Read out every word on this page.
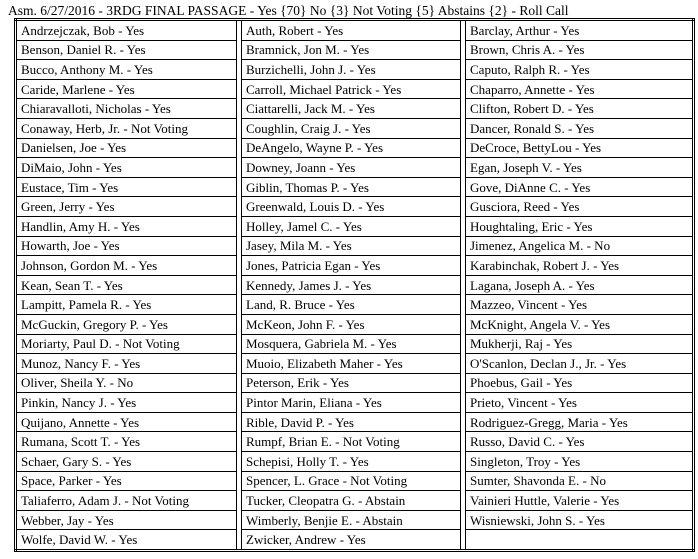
Asm. 6/27/2016 - 3RDG FINAL PASSAGE - Yes {70} No {3} Not Voting {5} Abstains {2} - Roll Call
Andrzejczak, Bob - Yes		Auth, Robert - Yes		Barclay, Arthur - Yes
Benson, Daniel R. - Yes		Bramnick, Jon M. - Yes		Brown, Chris A. - Yes
Bucco, Anthony M. - Yes		Burzichelli, John J. - Yes		Caputo, Ralph R. - Yes
Caride, Marlene - Yes		Carroll, Michael Patrick - Yes		Chaparro, Annette - Yes
Chiaravalloti, Nicholas - Yes		Ciattarelli, Jack M. - Yes		Clifton, Robert D. - Yes
Conaway, Herb, Jr. - Not Voting		Coughlin, Craig J. - Yes		Dancer, Ronald S. - Yes
Danielsen, Joe - Yes		DeAngelo, Wayne P. - Yes		DeCroce, BettyLou - Yes
DiMaio, John - Yes		Downey, Joann - Yes		Egan, Joseph V. - Yes
Eustace, Tim - Yes		Giblin, Thomas P. - Yes		Gove, DiAnne C. - Yes
Green, Jerry - Yes		Greenwald, Louis D. - Yes		Gusciora, Reed - Yes
Handlin, Amy H. - Yes		Holley, Jamel C. - Yes		Houghtaling, Eric - Yes
Howarth, Joe - Yes		Jasey, Mila M. - Yes		Jimenez, Angelica M. - No
Johnson, Gordon M. - Yes		Jones, Patricia Egan - Yes		Karabinchak, Robert J. - Yes
Kean, Sean T. - Yes		Kennedy, James J. - Yes		Lagana, Joseph A. - Yes
Lampitt, Pamela R. - Yes		Land, R. Bruce - Yes		Mazzeo, Vincent - Yes
McGuckin, Gregory P. - Yes		McKeon, John F. - Yes		McKnight, Angela V. - Yes
Moriarty, Paul D. - Not Voting		Mosquera, Gabriela M. - Yes		Mukherji, Raj - Yes
Munoz, Nancy F. - Yes		Muoio, Elizabeth Maher - Yes		O'Scanlon, Declan J., Jr. - Yes
Oliver, Sheila Y. - No		Peterson, Erik - Yes		Phoebus, Gail - Yes
Pinkin, Nancy J. - Yes		Pintor Marin, Eliana - Yes		Prieto, Vincent - Yes
Quijano, Annette - Yes		Rible, David P. - Yes		Rodriguez-Gregg, Maria - Yes
Rumana, Scott T. - Yes		Rumpf, Brian E. - Not Voting		Russo, David C. - Yes
Schaer, Gary S. - Yes		Schepisi, Holly T. - Yes		Singleton, Troy - Yes
Space, Parker - Yes		Spencer, L. Grace - Not Voting		Sumter, Shavonda E. - No
Taliaferro, Adam J. - Not Voting		Tucker, Cleopatra G. - Abstain		Vainieri Huttle, Valerie - Yes
Webber, Jay - Yes		Wimberly, Benjie E. - Abstain		Wisniewski, John S. - Yes
Wolfe, David W. - Yes		Zwicker, Andrew - Yes		
